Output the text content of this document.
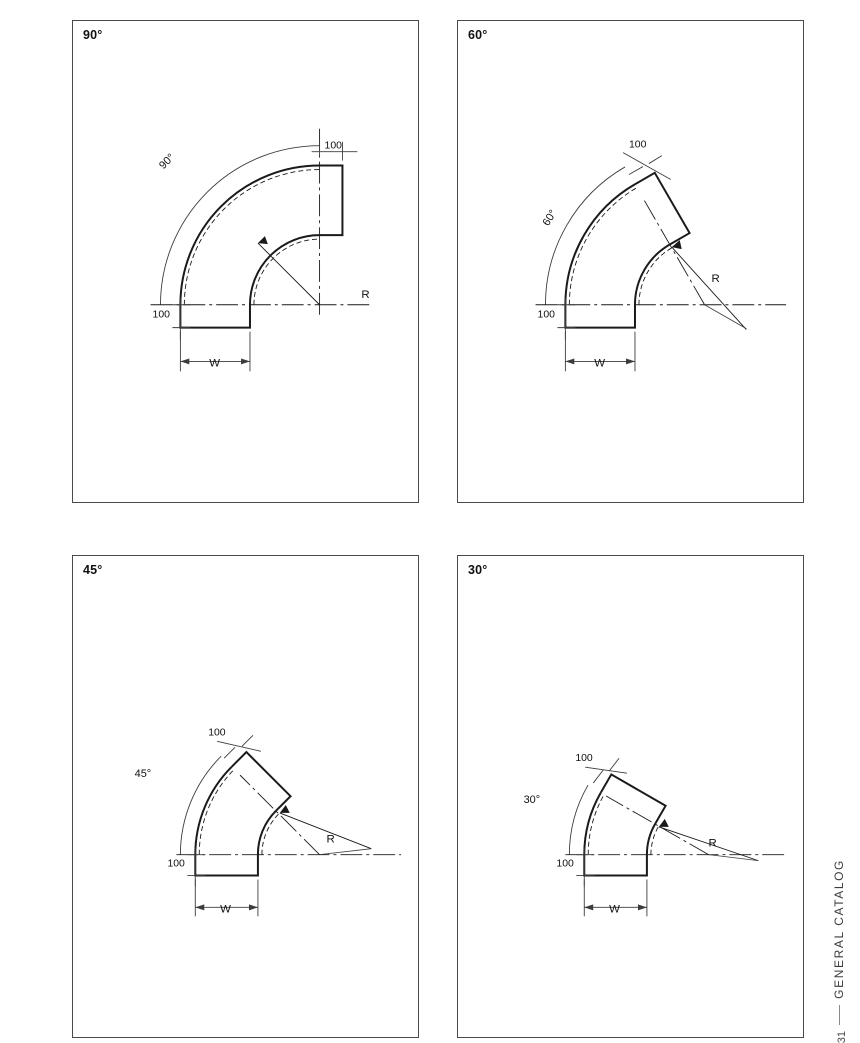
90°
90°
R
W
100
100
60°
60°
R
W
100
100
45°
45°
R
W
100
100
30°
30°
R
W
100
100	GENERAL CATALOG
31
